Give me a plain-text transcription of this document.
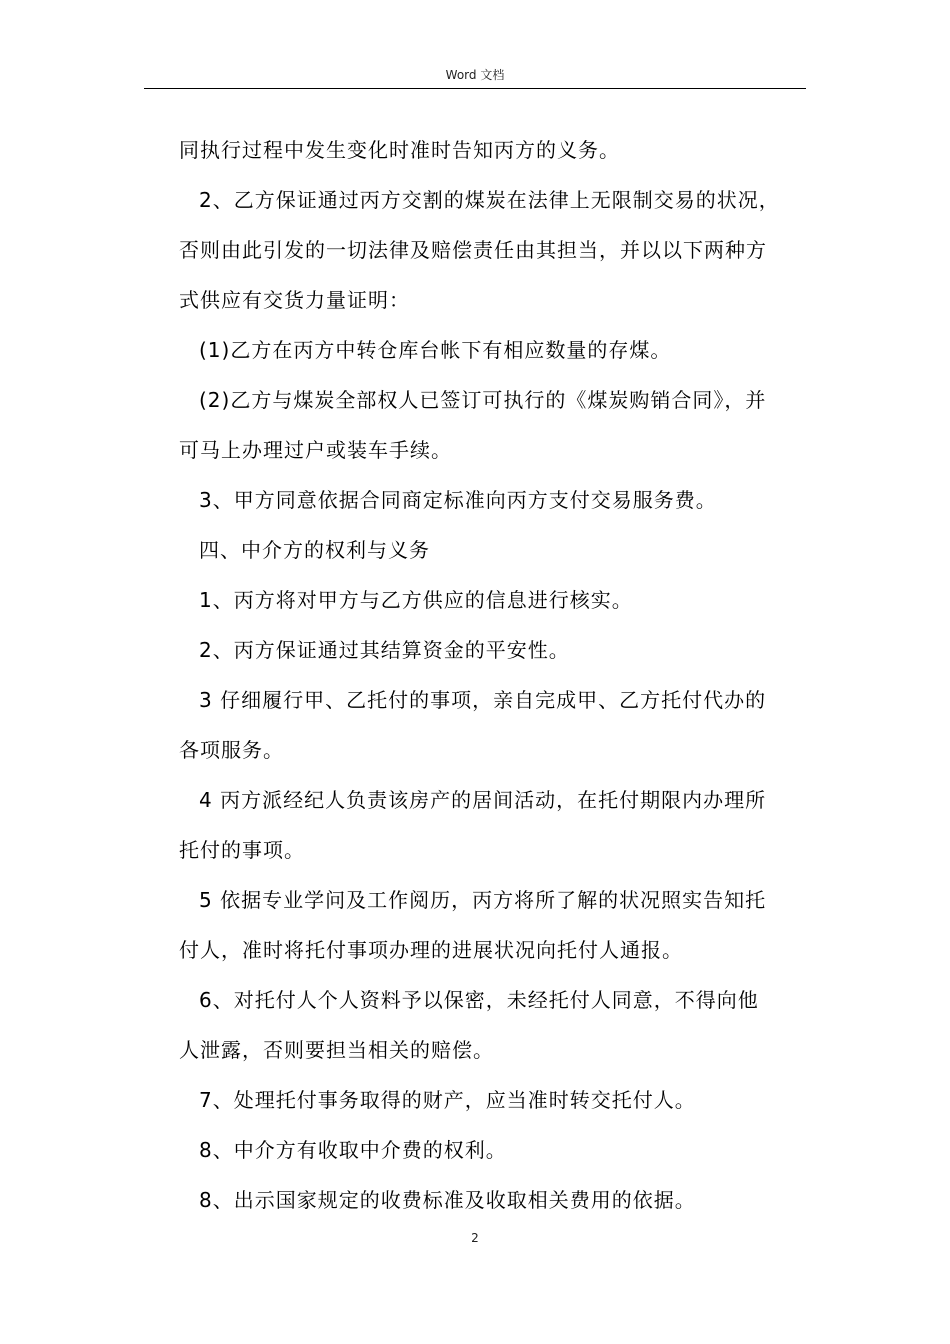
Word 文档
同执行过程中发生变化时准时告知丙方的义务。
2、乙方保证通过丙方交割的煤炭在法律上无限制交易的状况，
否则由此引发的一切法律及赔偿责任由其担当，并以以下两种方
式供应有交货力量证明：
(1)乙方在丙方中转仓库台帐下有相应数量的存煤。
(2)乙方与煤炭全部权人已签订可执行的《煤炭购销合同》，并
可马上办理过户或装车手续。
3、甲方同意依据合同商定标准向丙方支付交易服务费。
四、中介方的权利与义务
1、丙方将对甲方与乙方供应的信息进行核实。
2、丙方保证通过其结算资金的平安性。
3 仔细履行甲、乙托付的事项，亲自完成甲、乙方托付代办的
各项服务。
4 丙方派经纪人负责该房产的居间活动，在托付期限内办理所
托付的事项。
5 依据专业学问及工作阅历，丙方将所了解的状况照实告知托
付人，准时将托付事项办理的进展状况向托付人通报。
6、对托付人个人资料予以保密，未经托付人同意，不得向他
人泄露，否则要担当相关的赔偿。
7、处理托付事务取得的财产，应当准时转交托付人。
8、中介方有收取中介费的权利。
8、出示国家规定的收费标准及收取相关费用的依据。
2
